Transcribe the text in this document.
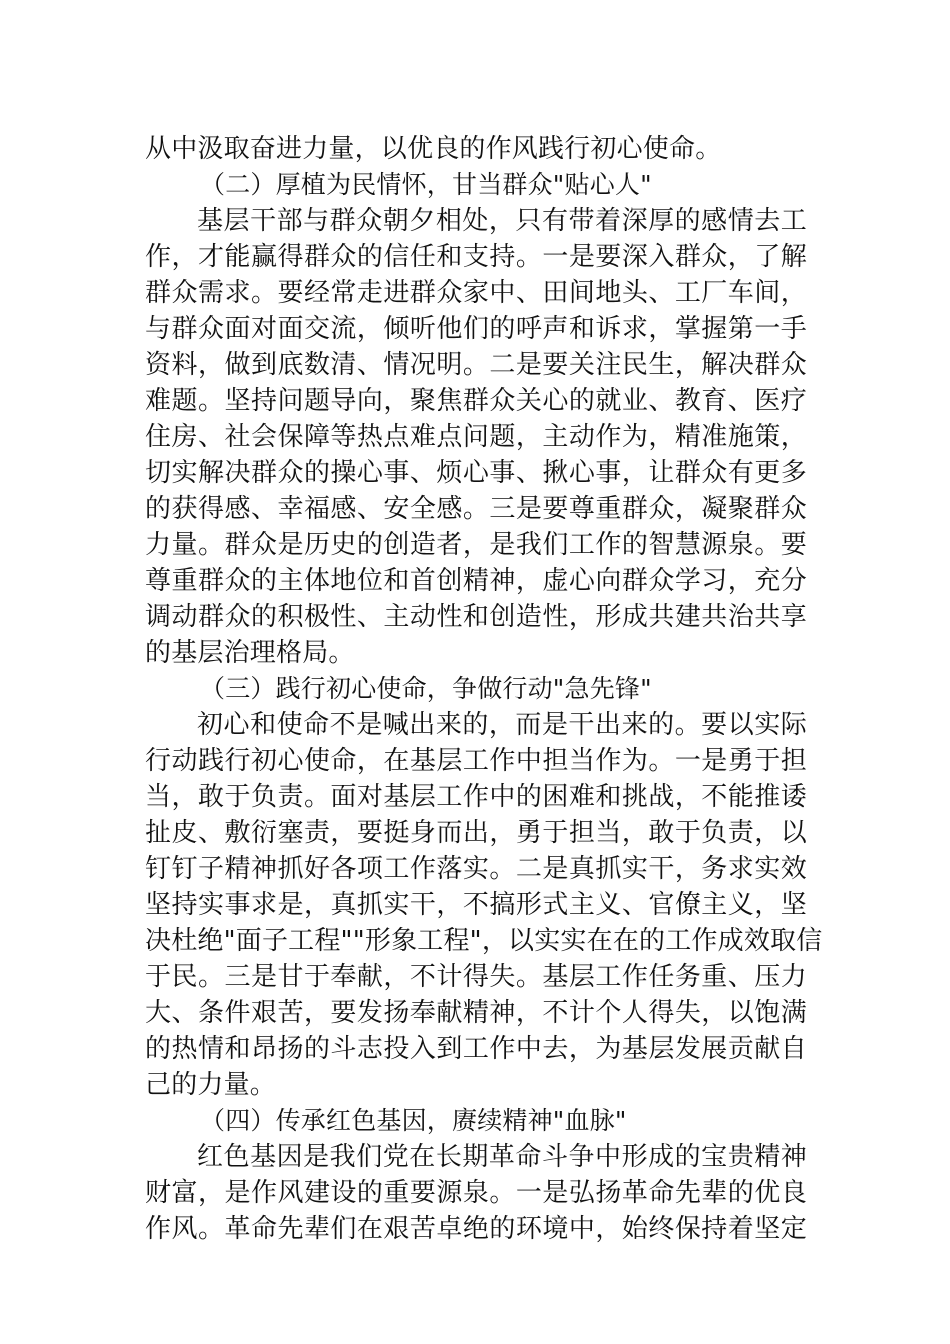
从中汲取奋进力量，以优良的作风践行初心使命。
（二）厚植为民情怀，甘当群众"贴心人"
基层干部与群众朝夕相处，只有带着深厚的感情去工
作，才能赢得群众的信任和支持。一是要深入群众，了解
群众需求。要经常走进群众家中、田间地头、工厂车间，
与群众面对面交流，倾听他们的呼声和诉求，掌握第一手
资料，做到底数清、情况明。二是要关注民生，解决群众
难题。坚持问题导向，聚焦群众关心的就业、教育、医疗
住房、社会保障等热点难点问题，主动作为，精准施策，
切实解决群众的操心事、烦心事、揪心事，让群众有更多
的获得感、幸福感、安全感。三是要尊重群众，凝聚群众
力量。群众是历史的创造者，是我们工作的智慧源泉。要
尊重群众的主体地位和首创精神，虚心向群众学习，充分
调动群众的积极性、主动性和创造性，形成共建共治共享
的基层治理格局。
（三）践行初心使命，争做行动"急先锋"
初心和使命不是喊出来的，而是干出来的。要以实际
行动践行初心使命，在基层工作中担当作为。一是勇于担
当，敢于负责。面对基层工作中的困难和挑战，不能推诿
扯皮、敷衍塞责，要挺身而出，勇于担当，敢于负责，以
钉钉子精神抓好各项工作落实。二是真抓实干，务求实效
坚持实事求是，真抓实干，不搞形式主义、官僚主义，坚
决杜绝"面子工程""形象工程"，以实实在在的工作成效取信
于民。三是甘于奉献，不计得失。基层工作任务重、压力
大、条件艰苦，要发扬奉献精神，不计个人得失，以饱满
的热情和昂扬的斗志投入到工作中去，为基层发展贡献自
己的力量。
（四）传承红色基因，赓续精神"血脉"
红色基因是我们党在长期革命斗争中形成的宝贵精神
财富，是作风建设的重要源泉。一是弘扬革命先辈的优良
作风。革命先辈们在艰苦卓绝的环境中，始终保持着坚定
